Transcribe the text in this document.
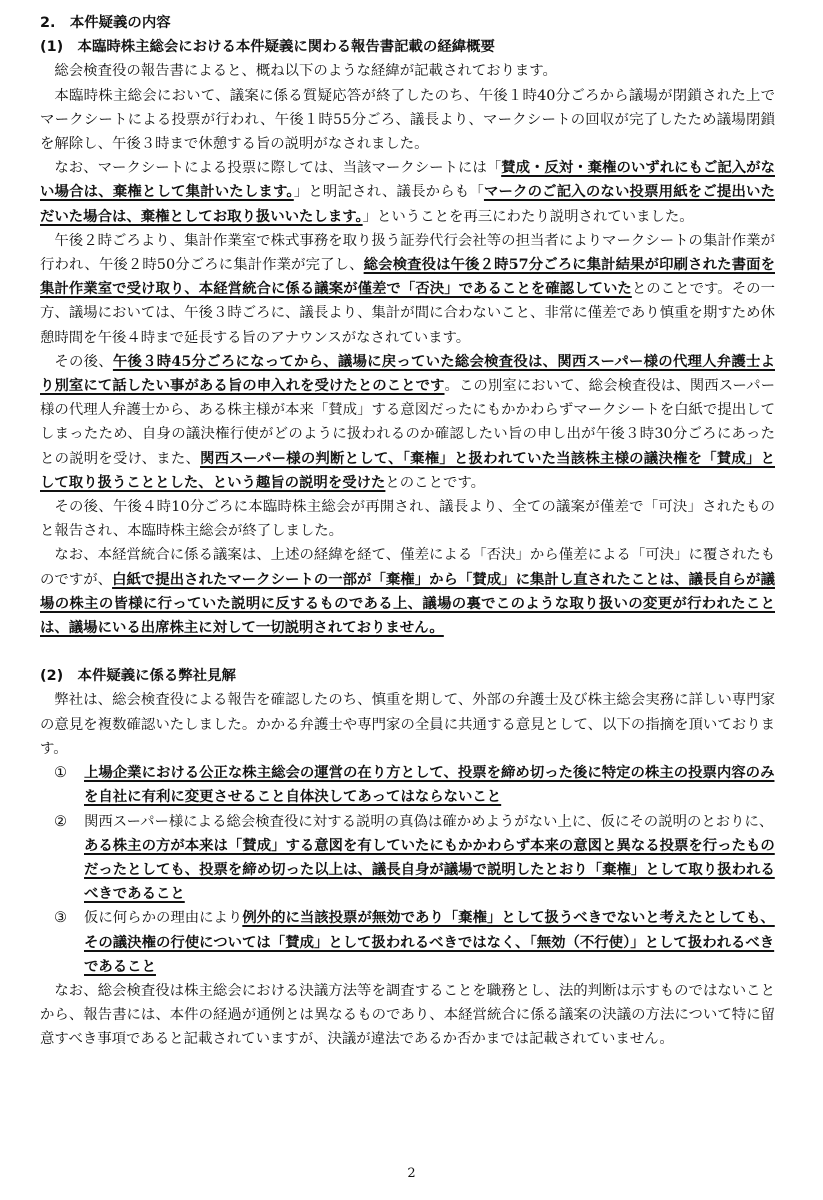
2.　本件疑義の内容
(1)　本臨時株主総会における本件疑義に関わる報告書記載の経緯概要

総会検査役の報告書によると、概ね以下のような経緯が記載されております。

本臨時株主総会において、議案に係る質疑応答が終了したのち、午後１時40分ごろから議場が閉鎖された上でマークシートによる投票が行われ、午後１時55分ごろ、議長より、マークシートの回収が完了したため議場閉鎖を解除し、午後３時まで休憩する旨の説明がなされました。

なお、マークシートによる投票に際しては、当該マークシートには「賛成・反対・棄権のいずれにもご記入がない場合は、棄権として集計いたします。」と明記され、議長からも「マークのご記入のない投票用紙をご提出いただいた場合は、棄権としてお取り扱いいたします。」ということを再三にわたり説明されていました。

午後２時ごろより、集計作業室で株式事務を取り扱う証券代行会社等の担当者によりマークシートの集計作業が行われ、午後２時50分ごろに集計作業が完了し、総会検査役は午後２時57分ごろに集計結果が印刷された書面を集計作業室で受け取り、本経営統合に係る議案が僅差で「否決」であることを確認していたとのことです。その一方、議場においては、午後３時ごろに、議長より、集計が間に合わないこと、非常に僅差であり慎重を期すため休憩時間を午後４時まで延長する旨のアナウンスがなされています。

その後、午後３時45分ごろになってから、議場に戻っていた総会検査役は、関西スーパー様の代理人弁護士より別室にて話したい事がある旨の申入れを受けたとのことです。この別室において、総会検査役は、関西スーパー様の代理人弁護士から、ある株主様が本来「賛成」する意図だったにもかかわらずマークシートを白紙で提出してしまったため、自身の議決権行使がどのように扱われるのか確認したい旨の申し出が午後３時30分ごろにあったとの説明を受け、また、関西スーパー様の判断として、「棄権」と扱われていた当該株主様の議決権を「賛成」として取り扱うこととした、という趣旨の説明を受けたとのことです。

その後、午後４時10分ごろに本臨時株主総会が再開され、議長より、全ての議案が僅差で「可決」されたものと報告され、本臨時株主総会が終了しました。

なお、本経営統合に係る議案は、上述の経緯を経て、僅差による「否決」から僅差による「可決」に覆されたものですが、白紙で提出されたマークシートの一部が「棄権」から「賛成」に集計し直されたことは、議長自らが議場の株主の皆様に行っていた説明に反するものである上、議場の裏でこのような取り扱いの変更が行われたことは、議場にいる出席株主に対して一切説明されておりません。

(2)　本件疑義に係る弊社見解

弊社は、総会検査役による報告を確認したのち、慎重を期して、外部の弁護士及び株主総会実務に詳しい専門家の意見を複数確認いたしました。かかる弁護士や専門家の全員に共通する意見として、以下の指摘を頂いております。

① 上場企業における公正な株主総会の運営の在り方として、投票を締め切った後に特定の株主の投票内容のみを自社に有利に変更させること自体決してあってはならないこと
② 関西スーパー様による総会検査役に対する説明の真偽は確かめようがない上に、仮にその説明のとおりに、ある株主の方が本来は「賛成」する意図を有していたにもかかわらず本来の意図と異なる投票を行ったものだったとしても、投票を締め切った以上は、議長自身が議場で説明したとおり「棄権」として取り扱われるべきであること
③ 仮に何らかの理由により例外的に当該投票が無効であり「棄権」として扱うべきでないと考えたとしても、その議決権の行使については「賛成」として扱われるべきではなく、「無効（不行使）」として扱われるべきであること

なお、総会検査役は株主総会における決議方法等を調査することを職務とし、法的判断は示すものではないことから、報告書には、本件の経過が通例とは異なるものであり、本経営統合に係る議案の決議の方法について特に留意すべき事項であると記載されていますが、決議が違法であるか否かまでは記載されていません。

2
